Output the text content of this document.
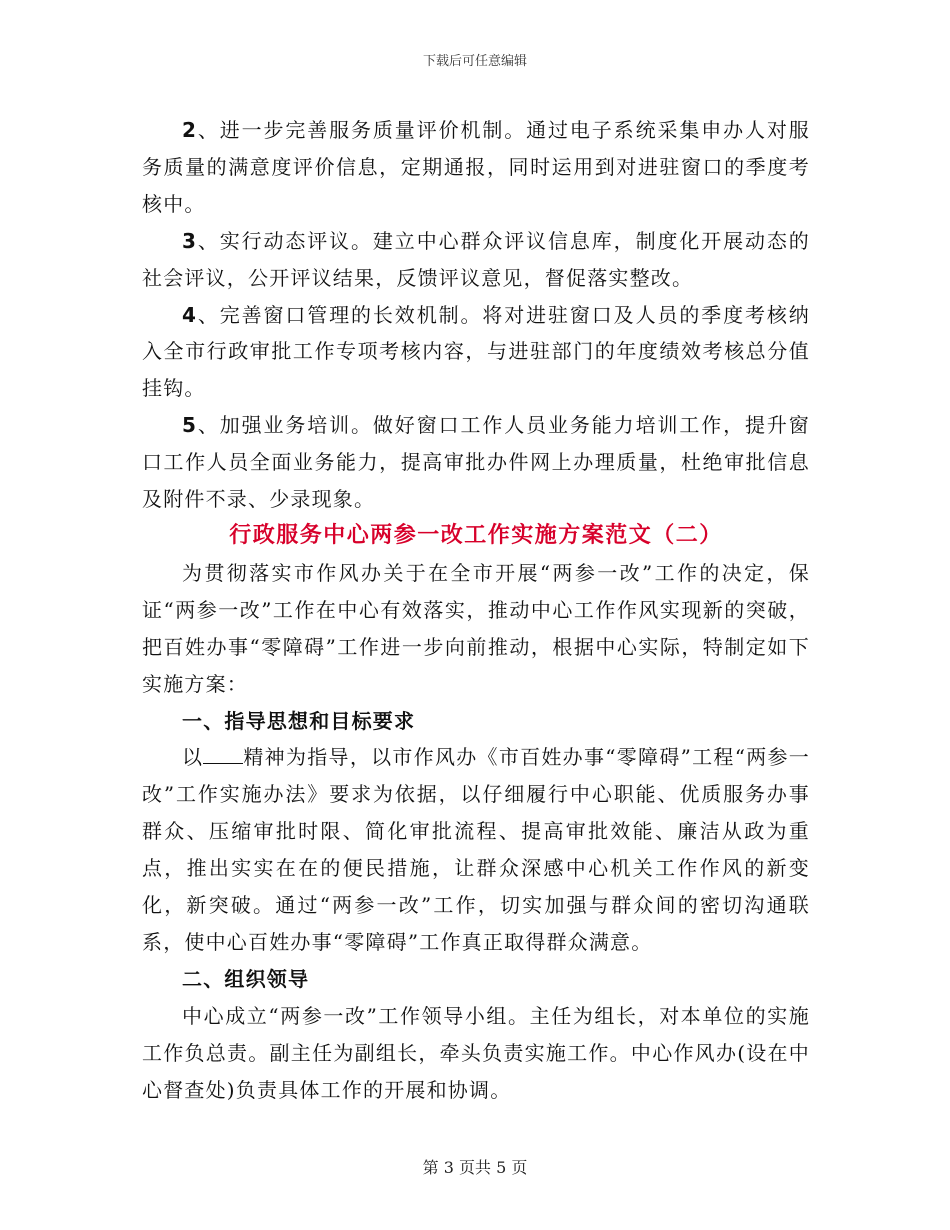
下载后可任意编辑

2、进一步完善服务质量评价机制。通过电子系统采集申办人对服务质量的满意度评价信息，定期通报，同时运用到对进驻窗口的季度考核中。

3、实行动态评议。建立中心群众评议信息库，制度化开展动态的社会评议，公开评议结果，反馈评议意见，督促落实整改。

4、完善窗口管理的长效机制。将对进驻窗口及人员的季度考核纳入全市行政审批工作专项考核内容，与进驻部门的年度绩效考核总分值挂钩。

5、加强业务培训。做好窗口工作人员业务能力培训工作，提升窗口工作人员全面业务能力，提高审批办件网上办理质量，杜绝审批信息及附件不录、少录现象。

行政服务中心两参一改工作实施方案范文（二）

为贯彻落实市作风办关于在全市开展“两参一改”工作的决定，保证“两参一改”工作在中心有效落实，推动中心工作作风实现新的突破，把百姓办事“零障碍”工作进一步向前推动，根据中心实际，特制定如下实施方案：

一、指导思想和目标要求

以 精神为指导，以市作风办《市百姓办事“零障碍”工程“两参一改”工作实施办法》要求为依据，以仔细履行中心职能、优质服务办事群众、压缩审批时限、简化审批流程、提高审批效能、廉洁从政为重点，推出实实在在的便民措施，让群众深感中心机关工作作风的新变化，新突破。通过“两参一改”工作，切实加强与群众间的密切沟通联系，使中心百姓办事“零障碍”工作真正取得群众满意。

二、组织领导

中心成立“两参一改”工作领导小组。主任为组长，对本单位的实施工作负总责。副主任为副组长，牵头负责实施工作。中心作风办(设在中心督查处)负责具体工作的开展和协调。

第 3 页共 5 页
